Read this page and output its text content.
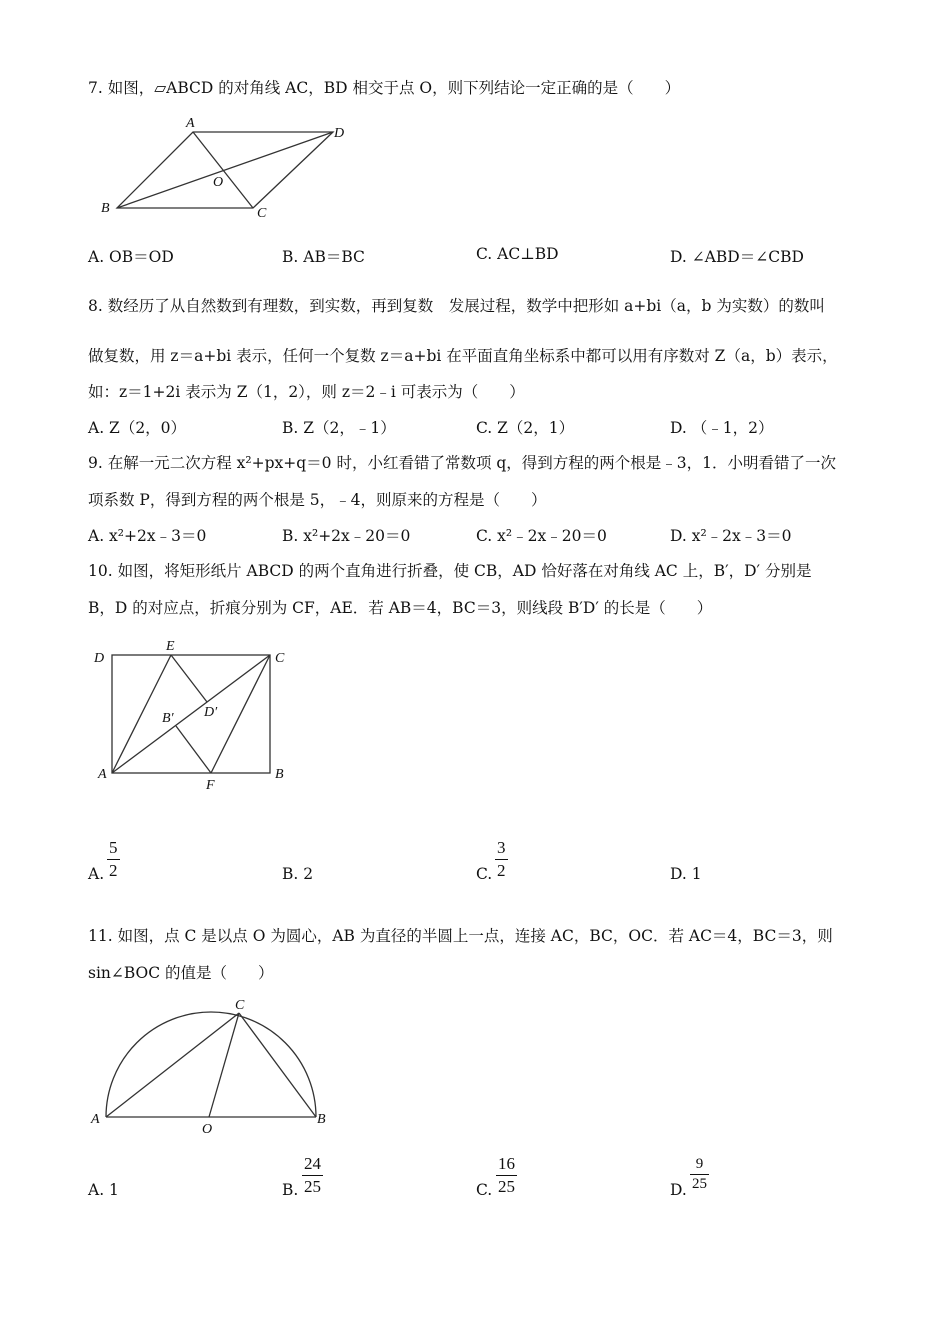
7. 如图，▱ABCD 的对角线 AC，BD 相交于点 O，则下列结论一定正确的是（　　）
A
D
O
B	C
A. OB＝OD	B. AB＝BC	C. AC⊥BD	D. ∠ABD＝∠CBD
8. 数经历了从自然数到有理数，到实数，再到复数　发展过程，数学中把形如 a+bi（a，b 为实数）的数叫
做复数，用 z＝a+bi 表示，任何一个复数 z＝a+bi 在平面直角坐标系中都可以用有序数对 Z（a，b）表示，
如：z＝1+2i 表示为 Z（1，2），则 z＝2﹣i 可表示为（　　）
A. Z（2，0）	B. Z（2，﹣1）	C. Z（2，1）	D. （﹣1，2）
9. 在解一元二次方程 x²+px+q＝0 时，小红看错了常数项 q，得到方程的两个根是﹣3，1．小明看错了一次
项系数 P，得到方程的两个根是 5，﹣4，则原来的方程是（　　）
A. x²+2x﹣3＝0	B. x²+2x﹣20＝0	C. x²﹣2x﹣20＝0	D. x²﹣2x﹣3＝0
10. 如图，将矩形纸片 ABCD 的两个直角进行折叠，使 CB，AD 恰好落在对角线 AC 上，B′，D′ 分别是
B，D 的对应点，折痕分别为 CF，AE．若 AB＝4，BC＝3，则线段 B′D′ 的长是（　　）
D
E
C
B′ D′
A	B
F
A.
5
2	B. 2	C.
3
2	D. 1
11. 如图，点 C 是以点 O 为圆心，AB 为直径的半圆上一点，连接 AC，BC，OC．若 AC＝4，BC＝3，则
sin∠BOC 的值是（　　）
C
A
O
B
A. 1	B.
24
25	C.
16
25	D.
9
25
